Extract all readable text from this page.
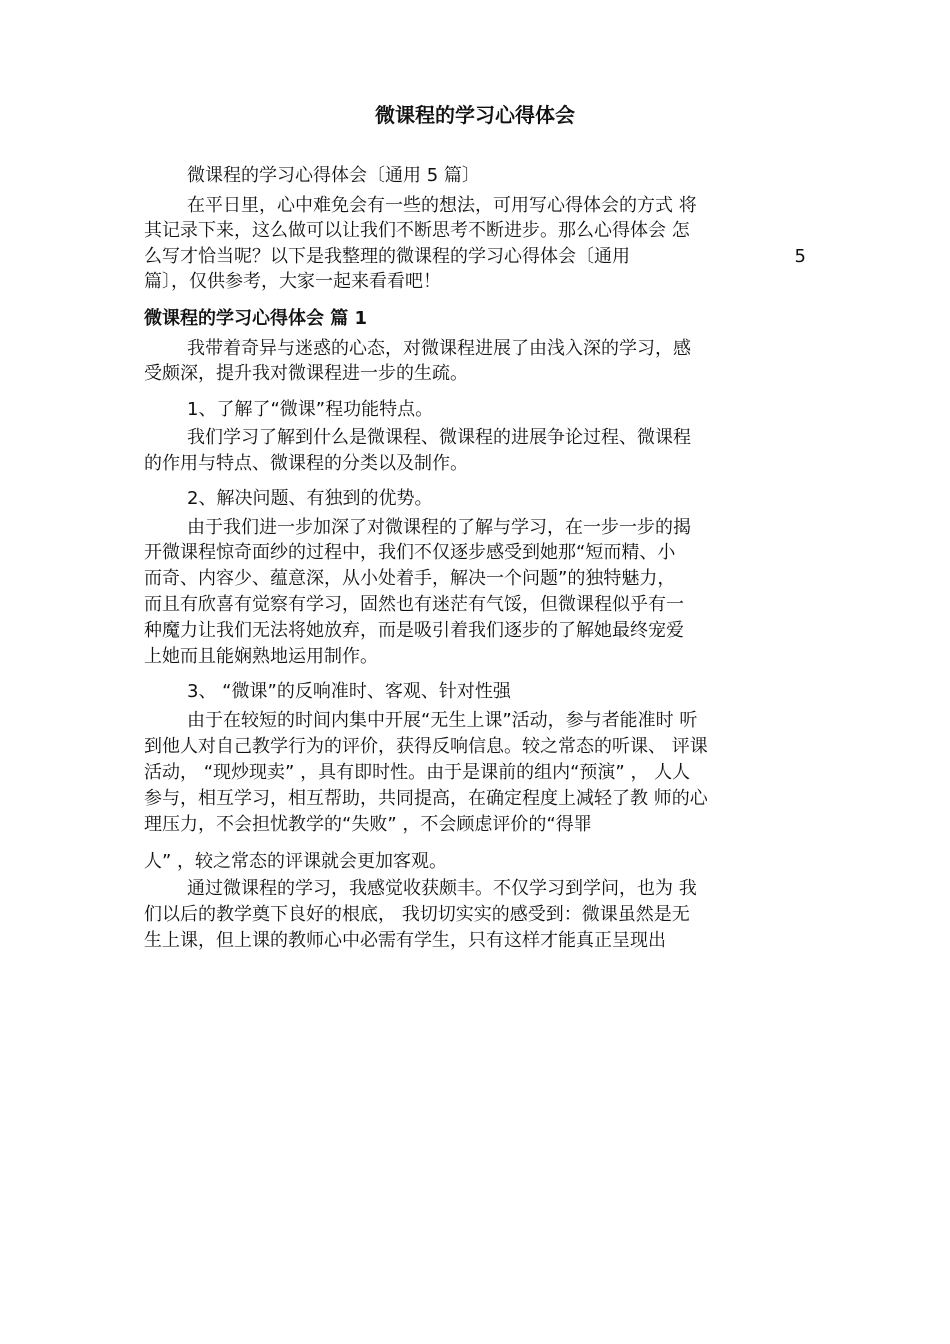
微课程的学习心得体会
微课程的学习心得体会〔通用 5 篇〕
在平日里，心中难免会有一些的想法，可用写心得体会的方式 将
其记录下来，这么做可以让我们不断思考不断进步。那么心得体会 怎
么写才恰当呢？以下是我整理的微课程的学习心得体会〔通用	5
篇〕，仅供参考，大家一起来看看吧！
微课程的学习心得体会 篇 1
我带着奇异与迷惑的心态，对微课程进展了由浅入深的学习，感
受颇深，提升我对微课程进一步的生疏。
1、了解了“微课”程功能特点。
我们学习了解到什么是微课程、微课程的进展争论过程、微课程
的作用与特点、微课程的分类以及制作。
2、解决问题、有独到的优势。
由于我们进一步加深了对微课程的了解与学习，在一步一步的揭
开微课程惊奇面纱的过程中，我们不仅逐步感受到她那“短而精、小
而奇、内容少、蕴意深，从小处着手，解决一个问题”的独特魅力，
而且有欣喜有觉察有学习，固然也有迷茫有气馁，但微课程似乎有一
种魔力让我们无法将她放弃，而是吸引着我们逐步的了解她最终宠爱
上她而且能娴熟地运用制作。
3、 “微课”的反响准时、客观、针对性强
由于在较短的时间内集中开展“无生上课”活动，参与者能准时 听
到他人对自己教学行为的评价，获得反响信息。较之常态的听课、 评课
活动， “现炒现卖” ，具有即时性。由于是课前的组内“预演” ， 人人
参与，相互学习，相互帮助，共同提高，在确定程度上减轻了教 师的心
理压力，不会担忧教学的“失败” ，不会顾虑评价的“得罪
人” ，较之常态的评课就会更加客观。
通过微课程的学习，我感觉收获颇丰。不仅学习到学问，也为 我
们以后的教学奠下良好的根底， 我切切实实的感受到：微课虽然是无
生上课，但上课的教师心中必需有学生，只有这样才能真正呈现出
